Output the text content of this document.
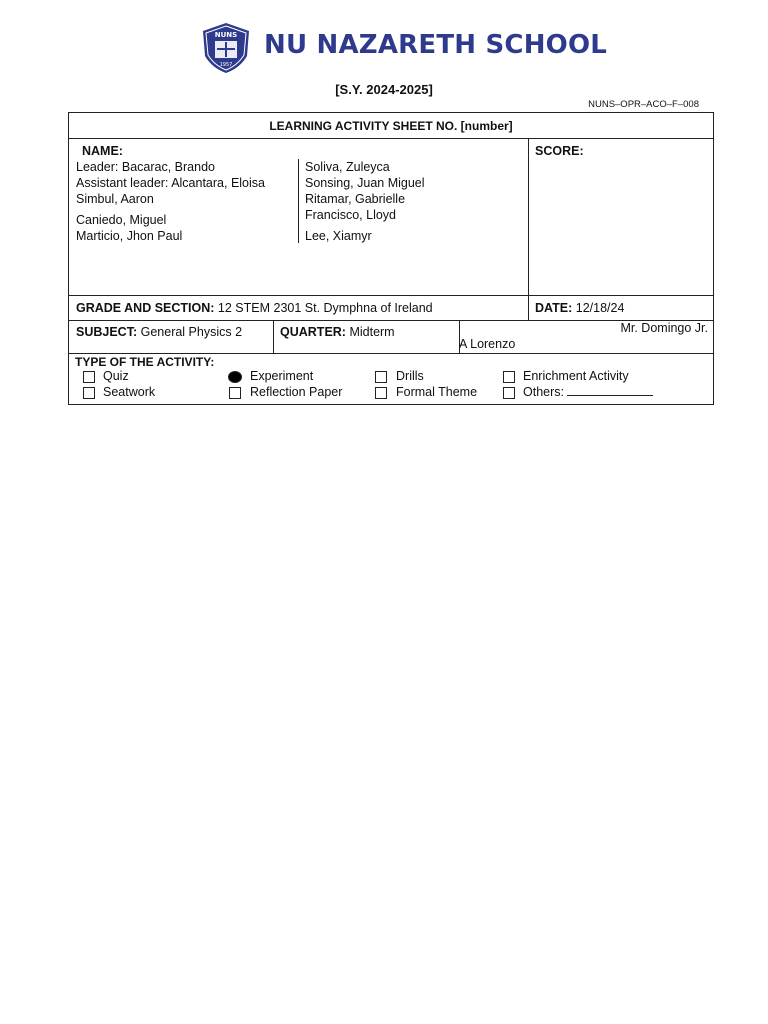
NUNS
1957
NU NAZARETH SCHOOL
[S.Y. 2024-2025]
NUNS–OPR–ACO–F–008
LEARNING ACTIVITY SHEET NO. [number]
NAME:
Leader: Bacarac, Brando
Assistant leader: Alcantara, Eloisa
Simbul, Aaron
Caniedo, Miguel
Marticio, Jhon Paul
Soliva, Zuleyca
Sonsing, Juan Miguel
Ritamar, Gabrielle
Francisco, Lloyd
Lee, Xiamyr
SCORE:
GRADE AND SECTION: 12 STEM 2301 St. Dymphna of Ireland	DATE: 12/18/24
SUBJECT: General Physics 2	QUARTER: Midterm	Mr. Domingo Jr.
A Lorenzo
TYPE OF THE ACTIVITY:
Quiz	Experiment	Drills	Enrichment Activity
Seatwork	Reflection Paper	Formal Theme	Others:
